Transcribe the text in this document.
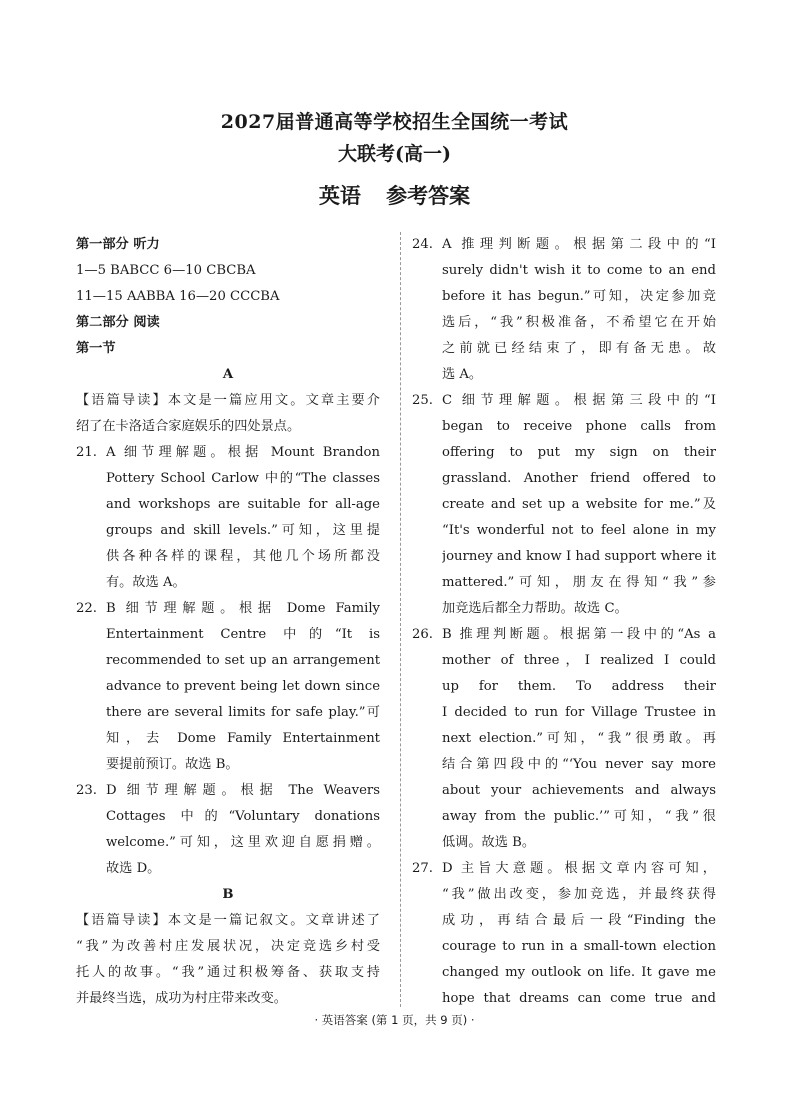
2027届普通高等学校招生全国统一考试
大联考(高一)
英语 参考答案
第一部分 听力
1—5 BABCC 6—10 CBCBA
11—15 AABBA 16—20 CCCBA
第二部分 阅读
第一节
A
【语篇导读】本文是一篇应用文。文章主要介
绍了在卡洛适合家庭娱乐的四处景点。
21. A 细节理解题。根据 Mount Brandon
Pottery School Carlow 中的“The classes
and workshops are suitable for all-age
groups and skill levels.”可知，这里提
供各种各样的课程，其他几个场所都没
有。故选 A。
22. B 细节理解题。根据 Dome Family
Entertainment Centre 中的“It is
recommended to set up an arrangement
advance to prevent being let down since
there are several limits for safe play.”可
知，去 Dome Family Entertainment
要提前预订。故选 B。
23. D 细节理解题。根据 The Weavers
Cottages 中的“Voluntary donations
welcome.”可知，这里欢迎自愿捐赠。
故选 D。
B
【语篇导读】本文是一篇记叙文。文章讲述了
“我”为改善村庄发展状况，决定竞选乡村受
托人的故事。“我”通过积极筹备、获取支持
并最终当选，成功为村庄带来改变。
24. A 推理判断题。根据第二段中的“I
surely didn't wish it to come to an end
before it has begun.”可知，决定参加竞
选后，“我”积极准备，不希望它在开始
之前就已经结束了，即有备无患。故
选 A。
25. C 细节理解题。根据第三段中的“I
began to receive phone calls from
offering to put my sign on their
grassland. Another friend offered to
create and set up a website for me.”及
“It's wonderful not to feel alone in my
journey and know I had support where it
mattered.”可知，朋友在得知“我”参
加竞选后都全力帮助。故选 C。
26. B 推理判断题。根据第一段中的“As a
mother of three，I realized I could
up for them. To address their
I decided to run for Village Trustee in
next election.”可知，“我”很勇敢。再
结合第四段中的“‘You never say more
about your achievements and always
away from the public.’”可知，“我”很
低调。故选 B。
27. D 主旨大意题。根据文章内容可知，
“我”做出改变，参加竞选，并最终获得
成功，再结合最后一段“Finding the
courage to run in a small-town election
changed my outlook on life. It gave me
hope that dreams can come true and
· 英语答案 (第 1 页，共 9 页) ·
